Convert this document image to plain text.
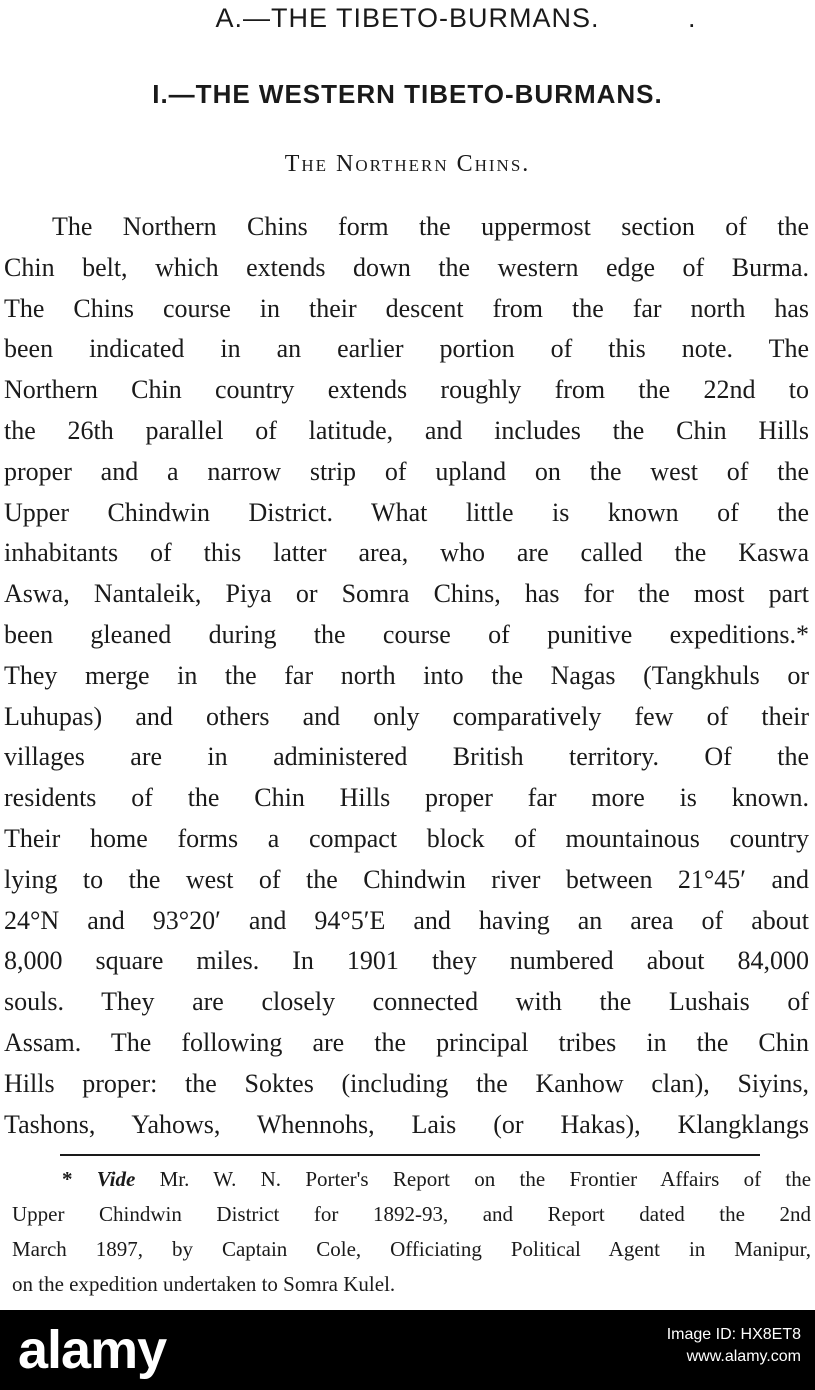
A.—THE TIBETO-BURMANS.	.
I.—THE WESTERN TIBETO-BURMANS.
The Northern Chins.
The Northern Chins form the uppermost section of the
Chin belt, which extends down the western edge of Burma.
The Chins course in their descent from the far north has
been indicated in an earlier portion of this note. The
Northern Chin country extends roughly from the 22nd to
the 26th parallel of latitude, and includes the Chin Hills
proper and a narrow strip of upland on the west of the
Upper Chindwin District. What little is known of the
inhabitants of this latter area, who are called the Kaswa
Aswa, Nantaleik, Piya or Somra Chins, has for the most part
been gleaned during the course of punitive expeditions.*
They merge in the far north into the Nagas (Tangkhuls or
Luhupas) and others and only comparatively few of their
villages are in administered British territory. Of the
residents of the Chin Hills proper far more is known.
Their home forms a compact block of mountainous country
lying to the west of the Chindwin river between 21°45′ and
24°N and 93°20′ and 94°5′E and having an area of about
8,000 square miles. In 1901 they numbered about 84,000
souls. They are closely connected with the Lushais of
Assam. The following are the principal tribes in the Chin
Hills proper: the Soktes (including the Kanhow clan), Siyins,
Tashons, Yahows, Whennohs, Lais (or Hakas), Klangklangs
* Vide Mr. W. N. Porter's Report on the Frontier Affairs of the
Upper Chindwin District for 1892-93, and Report dated the 2nd
March 1897, by Captain Cole, Officiating Political Agent in Manipur,
on the expedition undertaken to Somra Kulel.
alamy	Image ID: HX8ET8
www.alamy.com
